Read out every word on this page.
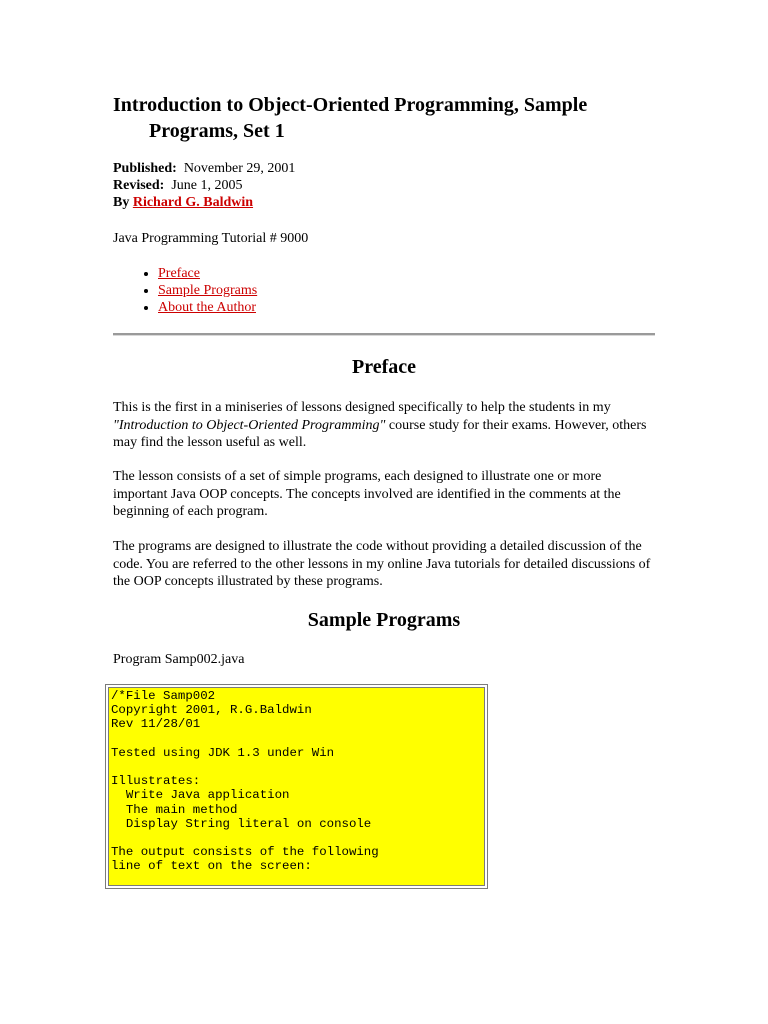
Introduction to Object-Oriented Programming, Sample Programs, Set 1
Published: November 29, 2001
Revised: June 1, 2005
By Richard G. Baldwin
Java Programming Tutorial # 9000
• Preface
• Sample Programs
• About the Author
Preface

This is the first in a miniseries of lessons designed specifically to help the students in my "Introduction to Object-Oriented Programming" course study for their exams. However, others may find the lesson useful as well.

The lesson consists of a set of simple programs, each designed to illustrate one or more important Java OOP concepts. The concepts involved are identified in the comments at the beginning of each program.

The programs are designed to illustrate the code without providing a detailed discussion of the code. You are referred to the other lessons in my online Java tutorials for detailed discussions of the OOP concepts illustrated by these programs.

Sample Programs
Program Samp002.java
/*File Samp002
Copyright 2001, R.G.Baldwin
Rev 11/28/01

Tested using JDK 1.3 under Win

Illustrates:
Write Java application
The main method
Display String literal on console

The output consists of the following
line of text on the screen:
